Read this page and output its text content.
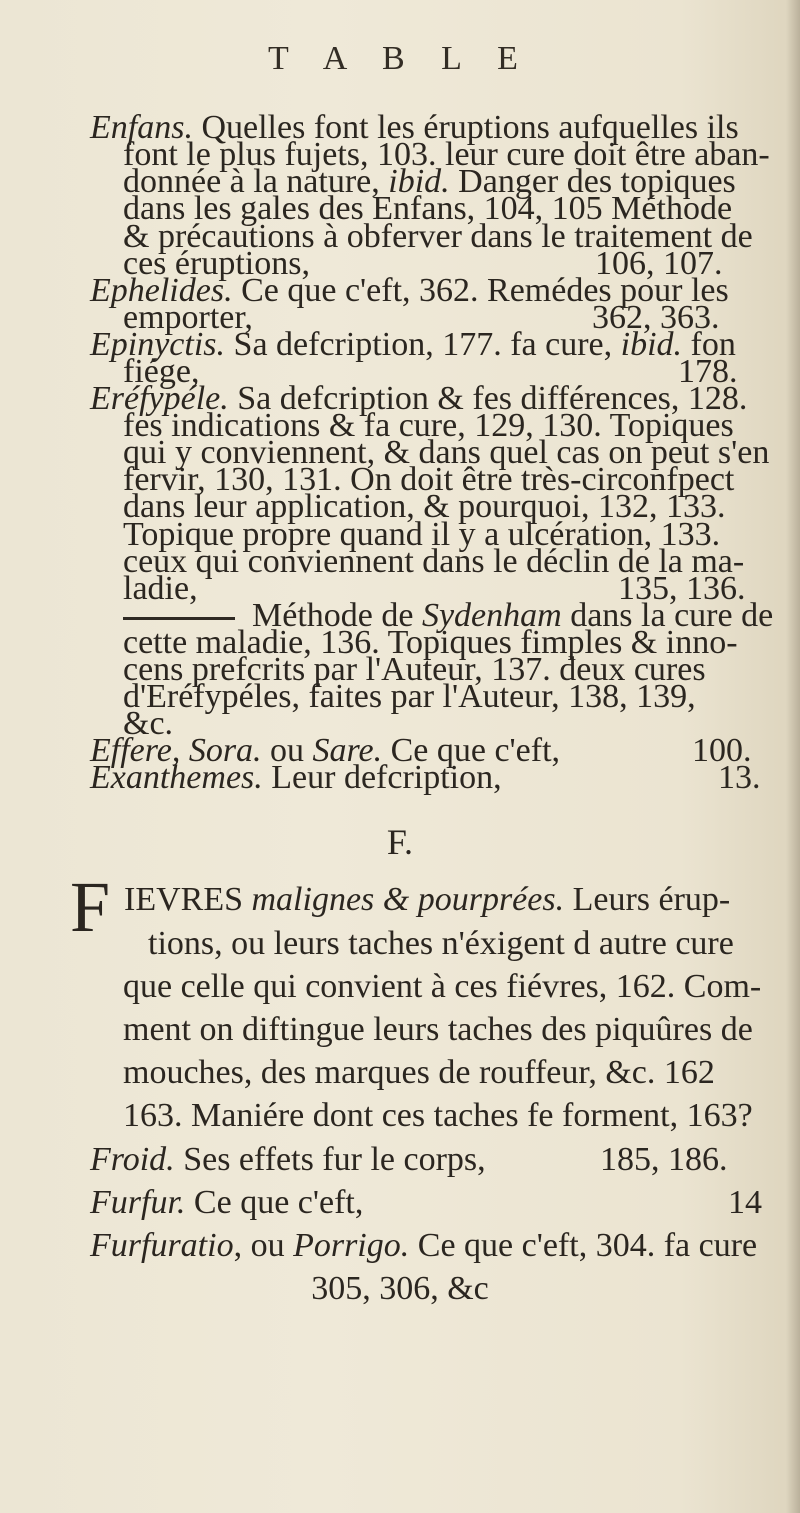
T A B L E
Enfans. Quelles font les éruptions aufquelles ils
font le plus fujets, 103. leur cure doit être aban-
donnée à la nature, ibid. Danger des topiques
dans les gales des Enfans, 104, 105 Méthode
& précautions à obferver dans le traitement de
ces éruptions,	106, 107.
Ephelides. Ce que c'eft, 362. Remédes pour les
emporter,	362, 363.
Epinyctis. Sa defcription, 177. fa cure, ibid. fon
fiége,	178.
Eréfypéle. Sa defcription & fes différences, 128.
fes indications & fa cure, 129, 130. Topiques
qui y conviennent, & dans quel cas on peut s'en
fervir, 130, 131. On doit être très-circonfpect
dans leur application, & pourquoi, 132, 133.
Topique propre quand il y a ulcération, 133.
ceux qui conviennent dans le déclin de la ma-
ladie,	135, 136.
Méthode de Sydenham dans la cure de
cette maladie, 136. Topiques fimples & inno-
cens prefcrits par l'Auteur, 137. deux cures
d'Eréfypéles, faites par l'Auteur, 138, 139,
&c.
Effere, Sora. ou Sare. Ce que c'eft,	100.
Exanthemes. Leur defcription,	13.
F.
F IEVRES malignes & pourprées. Leurs érup-
tions, ou leurs taches n'éxigent d autre cure
que celle qui convient à ces fiévres, 162. Com-
ment on diftingue leurs taches des piquûres de
mouches, des marques de rouffeur, &c. 162
163. Maniére dont ces taches fe forment, 163?
Froid. Ses effets fur le corps,	185, 186.
Furfur. Ce que c'eft,	14
Furfuratio, ou Porrigo. Ce que c'eft, 304. fa cure
305, 306, &c
